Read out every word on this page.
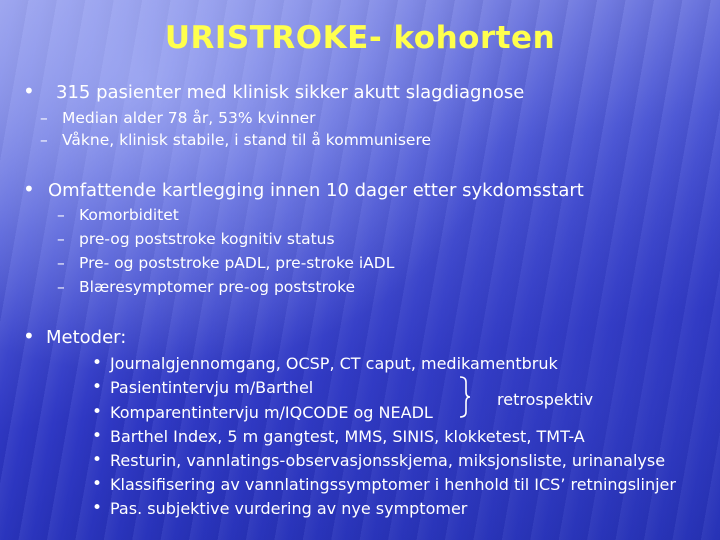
URISTROKE- kohorten
• 315 pasienter med klinisk sikker akutt slagdiagnose
– Median alder 78 år, 53% kvinner
– Våkne, klinisk stabile, i stand til å kommunisere
• Omfattende kartlegging innen 10 dager etter sykdomsstart
– Komorbiditet
– pre-og poststroke kognitiv status
– Pre- og poststroke pADL, pre-stroke iADL
– Blæresymptomer pre-og poststroke
• Metoder:
• Journalgjennomgang, OCSP, CT caput, medikamentbruk
• Pasientintervju m/Barthel
• Komparentintervju m/IQCODE og NEADL
• Barthel Index, 5 m gangtest, MMS, SINIS, klokketest, TMT-A
• Resturin, vannlatings-observasjonsskjema, miksjonsliste, urinanalyse
• Klassifisering av vannlatingssymptomer i henhold til ICS’ retningslinjer
• Pas. subjektive vurdering av nye symptomer
retrospektiv
